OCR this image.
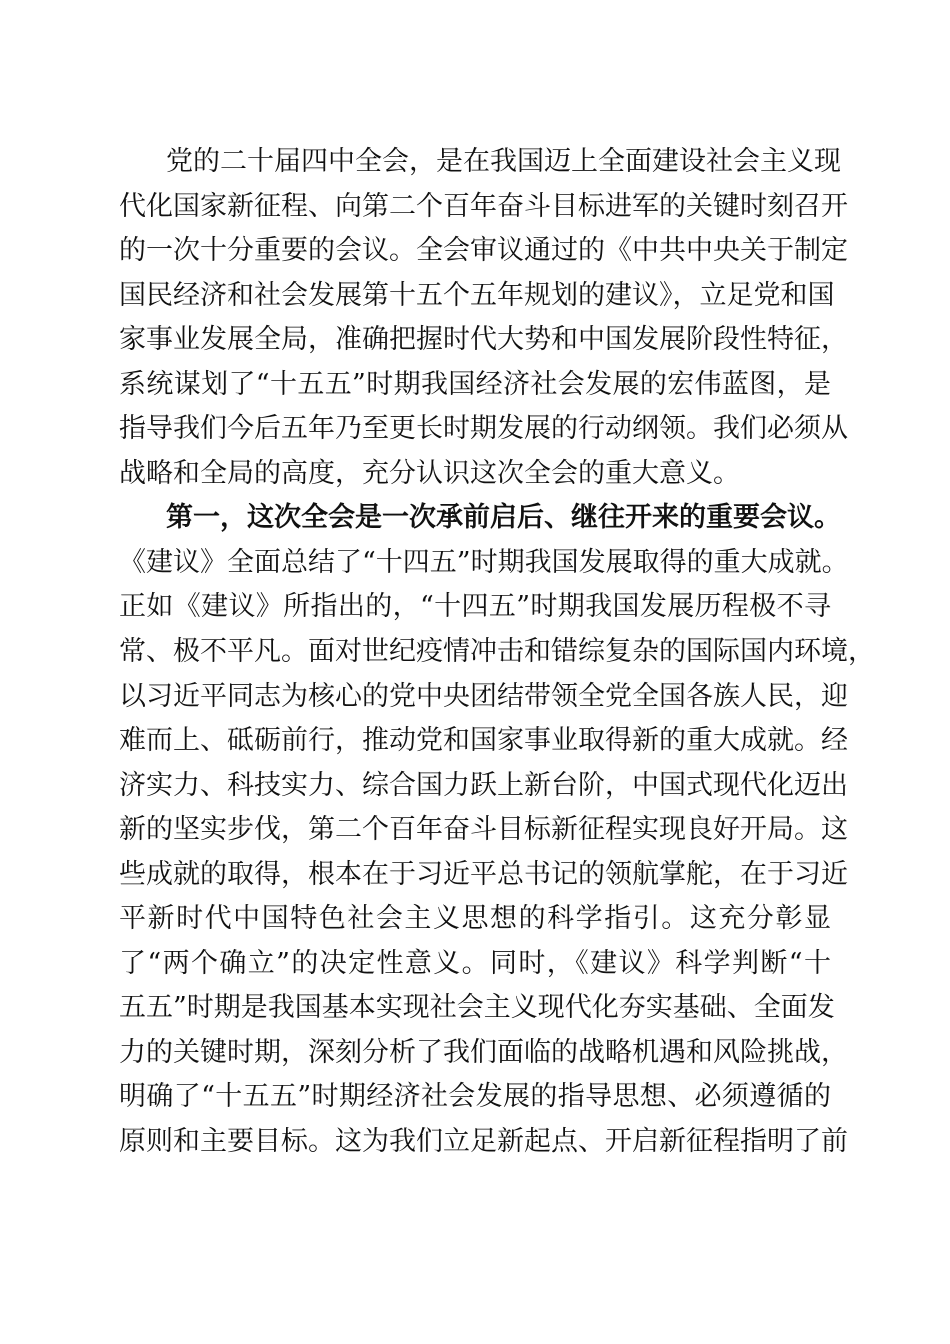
党的二十届四中全会，是在我国迈上全面建设社会主义现
代化国家新征程、向第二个百年奋斗目标进军的关键时刻召开
的一次十分重要的会议。全会审议通过的《中共中央关于制定
国民经济和社会发展第十五个五年规划的建议》，立足党和国
家事业发展全局，准确把握时代大势和中国发展阶段性特征，
系统谋划了“十五五”时期我国经济社会发展的宏伟蓝图，是
指导我们今后五年乃至更长时期发展的行动纲领。我们必须从
战略和全局的高度，充分认识这次全会的重大意义。
第一，这次全会是一次承前启后、继往开来的重要会议。
《建议》全面总结了“十四五”时期我国发展取得的重大成就。
正如《建议》所指出的，“十四五”时期我国发展历程极不寻
常、极不平凡。面对世纪疫情冲击和错综复杂的国际国内环境，
以习近平同志为核心的党中央团结带领全党全国各族人民，迎
难而上、砥砺前行，推动党和国家事业取得新的重大成就。经
济实力、科技实力、综合国力跃上新台阶，中国式现代化迈出
新的坚实步伐，第二个百年奋斗目标新征程实现良好开局。这
些成就的取得，根本在于习近平总书记的领航掌舵，在于习近
平新时代中国特色社会主义思想的科学指引。这充分彰显
了“两个确立”的决定性意义。同时，《建议》科学判断“十
五五”时期是我国基本实现社会主义现代化夯实基础、全面发
力的关键时期，深刻分析了我们面临的战略机遇和风险挑战，
明确了“十五五”时期经济社会发展的指导思想、必须遵循的
原则和主要目标。这为我们立足新起点、开启新征程指明了前
